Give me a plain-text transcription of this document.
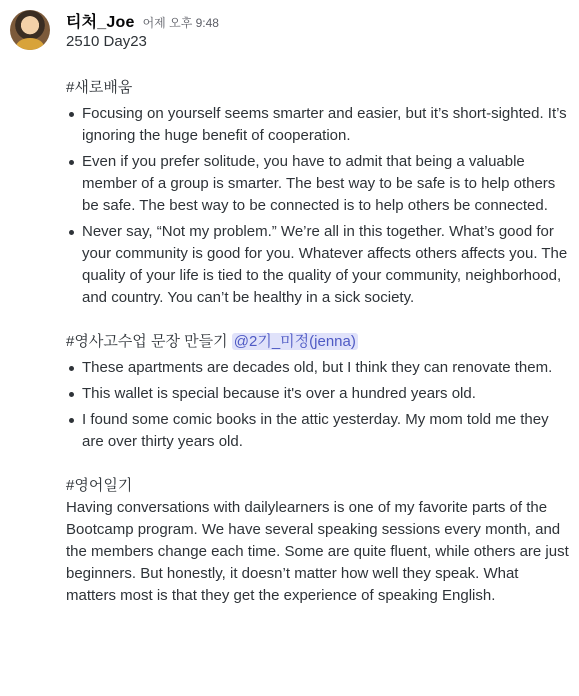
티처_Joe 어제 오후 9:48
2510 Day23
#새로배움
Focusing on yourself seems smarter and easier, but it’s short-sighted. It’s ignoring the huge benefit of cooperation.
Even if you prefer solitude, you have to admit that being a valuable member of a group is smarter. The best way to be safe is to help others be safe. The best way to be connected is to help others be connected.
Never say, “Not my problem.” We’re all in this together. What’s good for your community is good for you. Whatever affects others affects you. The quality of your life is tied to the quality of your community, neighborhood, and country. You can’t be healthy in a sick society.
#영사고수업 문장 만들기 @2기_미정(jenna)
These apartments are decades old, but I think they can renovate them.
This wallet is special because it's over a hundred years old.
I found some comic books in the attic yesterday. My mom told me they are over thirty years old.
#영어일기
Having conversations with dailylearners is one of my favorite parts of the Bootcamp program. We have several speaking sessions every month, and the members change each time. Some are quite fluent, while others are just beginners. But honestly, it doesn’t matter how well they speak. What matters most is that they get the experience of speaking English.
